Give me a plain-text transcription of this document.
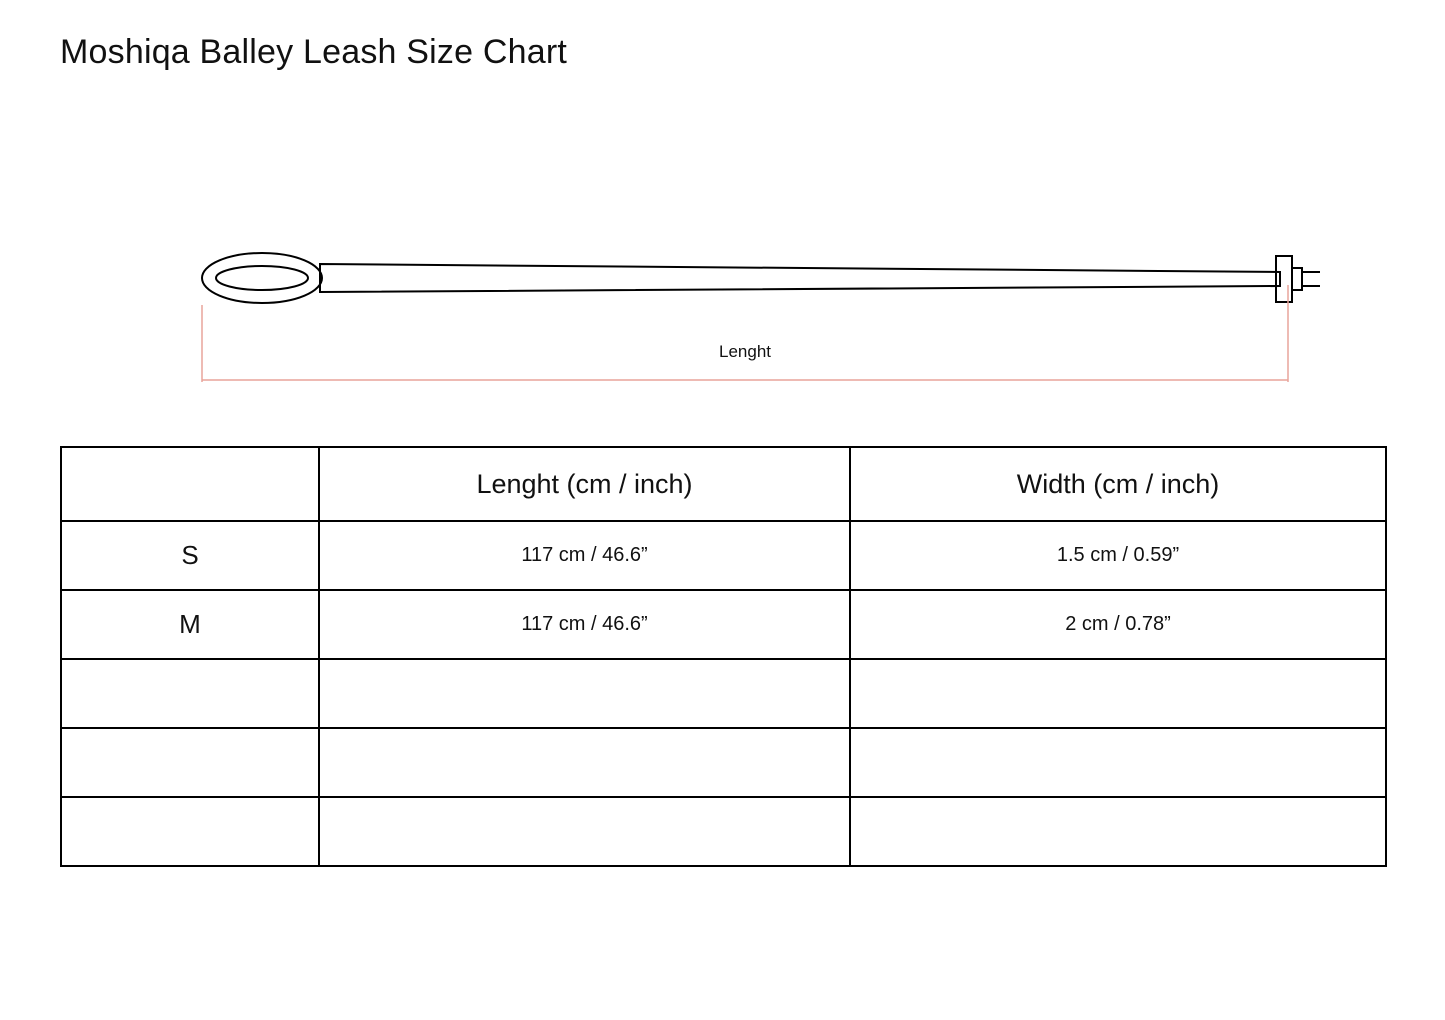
Moshiqa Balley Leash Size Chart
Lenght
	Lenght (cm / inch)	Width (cm / inch)
S	117 cm / 46.6”	1.5 cm / 0.59”
M	117 cm / 46.6”	2 cm / 0.78”
